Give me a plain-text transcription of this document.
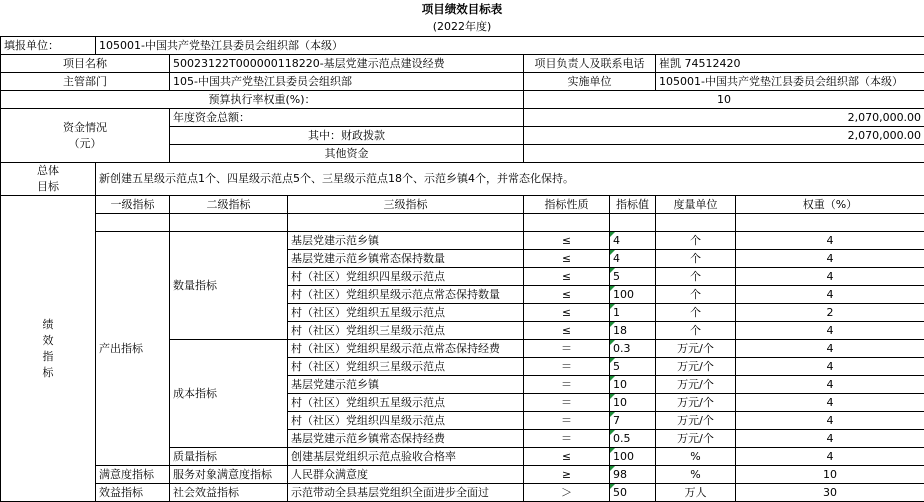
项目绩效目标表
(2022年度)
填报单位：	105001-中国共产党垫江县委员会组织部（本级）						
项目名称		50023122T000000118220-基层党建示范点建设经费		项目负责人及联系电话		崔凯 74512420	
主管部门		105-中国共产党垫江县委员会组织部		实施单位		105001-中国共产党垫江县委员会组织部（本级）	
预算执行率权重(%)：				10			
资金情况
（元）		年度资金总额：		2,070,000.00			
		其中：财政拨款		2,070,000.00			
		其他资金					
总体
目标	新创建五星级示范点1个、四星级示范点5个、三星级示范点18个、示范乡镇4个，并常态化保持。						
绩
效
指
标	一级指标	二级指标	三级指标	指标性质	指标值	度量单位	权重（%）

	产出指标	数量指标	基层党建示范乡镇	≤	4	个	4
			基层党建示范乡镇常态保持数量	≤	4	个	4
			村（社区）党组织四星级示范点	≤	5	个	4
			村（社区）党组织星级示范点常态保持数量	≤	100	个	4
			村（社区）党组织五星级示范点	≤	1	个	2
			村（社区）党组织三星级示范点	≤	18	个	4
		成本指标	村（社区）党组织星级示范点常态保持经费	＝	0.3	万元/个	4
			村（社区）党组织三星级示范点	＝	5	万元/个	4
			基层党建示范乡镇	＝	10	万元/个	4
			村（社区）党组织五星级示范点	＝	10	万元/个	4
			村（社区）党组织四星级示范点	＝	7	万元/个	4
			基层党建示范乡镇常态保持经费	＝	0.5	万元/个	4
		质量指标	创建基层党组织示范点验收合格率	≤	100	%	4
	满意度指标	服务对象满意度指标	人民群众满意度	≥	98	%	10
	效益指标	社会效益指标	示范带动全县基层党组织全面进步全面过	＞	50	万人	30
